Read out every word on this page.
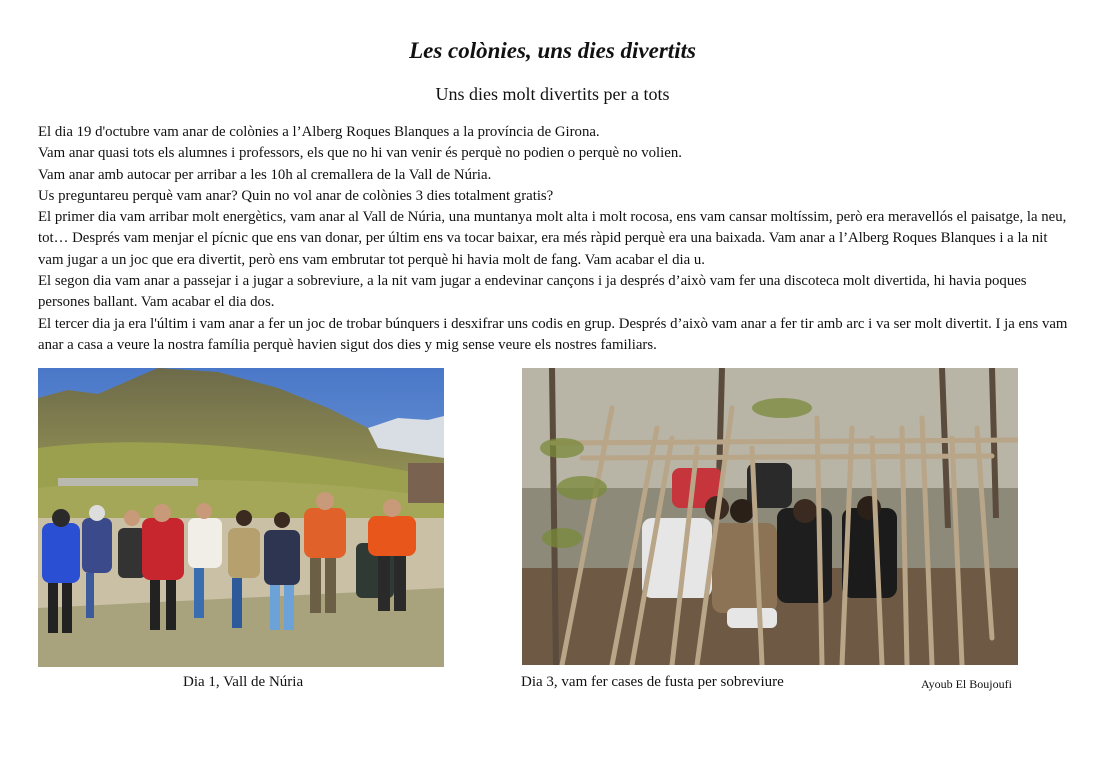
Les colònies, uns dies divertits
Uns dies molt divertits per a tots

El dia 19 d'octubre vam anar de colònies a l’Alberg Roques Blanques a la província de Girona.

Vam anar quasi tots els alumnes i professors, els que no hi van venir és perquè no podien o perquè no volien.

Vam anar amb autocar per arribar a les 10h al cremallera de la Vall de Núria.

Us preguntareu perquè vam anar? Quin no vol anar de colònies 3 dies totalment gratis?

El primer dia vam arribar molt energètics, vam anar al Vall de Núria, una muntanya molt alta i molt rocosa, ens vam cansar moltíssim, però era meravellós el paisatge, la neu, tot… Després vam menjar el pícnic que ens van donar, per últim ens va tocar baixar, era més ràpid perquè era una baixada. Vam anar a l’Alberg Roques Blanques i a la nit vam jugar a un joc que era divertit, però ens vam embrutar tot perquè hi havia molt de fang. Vam acabar el dia u.

El segon dia vam anar a passejar i a jugar a sobreviure, a la nit vam jugar a endevinar cançons i ja després d’això vam fer una discoteca molt divertida, hi havia poques persones ballant. Vam acabar el dia dos.

El tercer dia ja era l'últim i vam anar a fer un joc de trobar búnquers i desxifrar uns codis en grup. Després d’això vam anar a fer tir amb arc i va ser molt divertit. I ja ens vam anar a casa a veure la nostra família perquè havien sigut dos dies y mig sense veure els nostres familiars.

Dia 1, Vall de Núria	Dia 3, vam fer cases de fusta per sobreviure	Ayoub El Boujoufi
